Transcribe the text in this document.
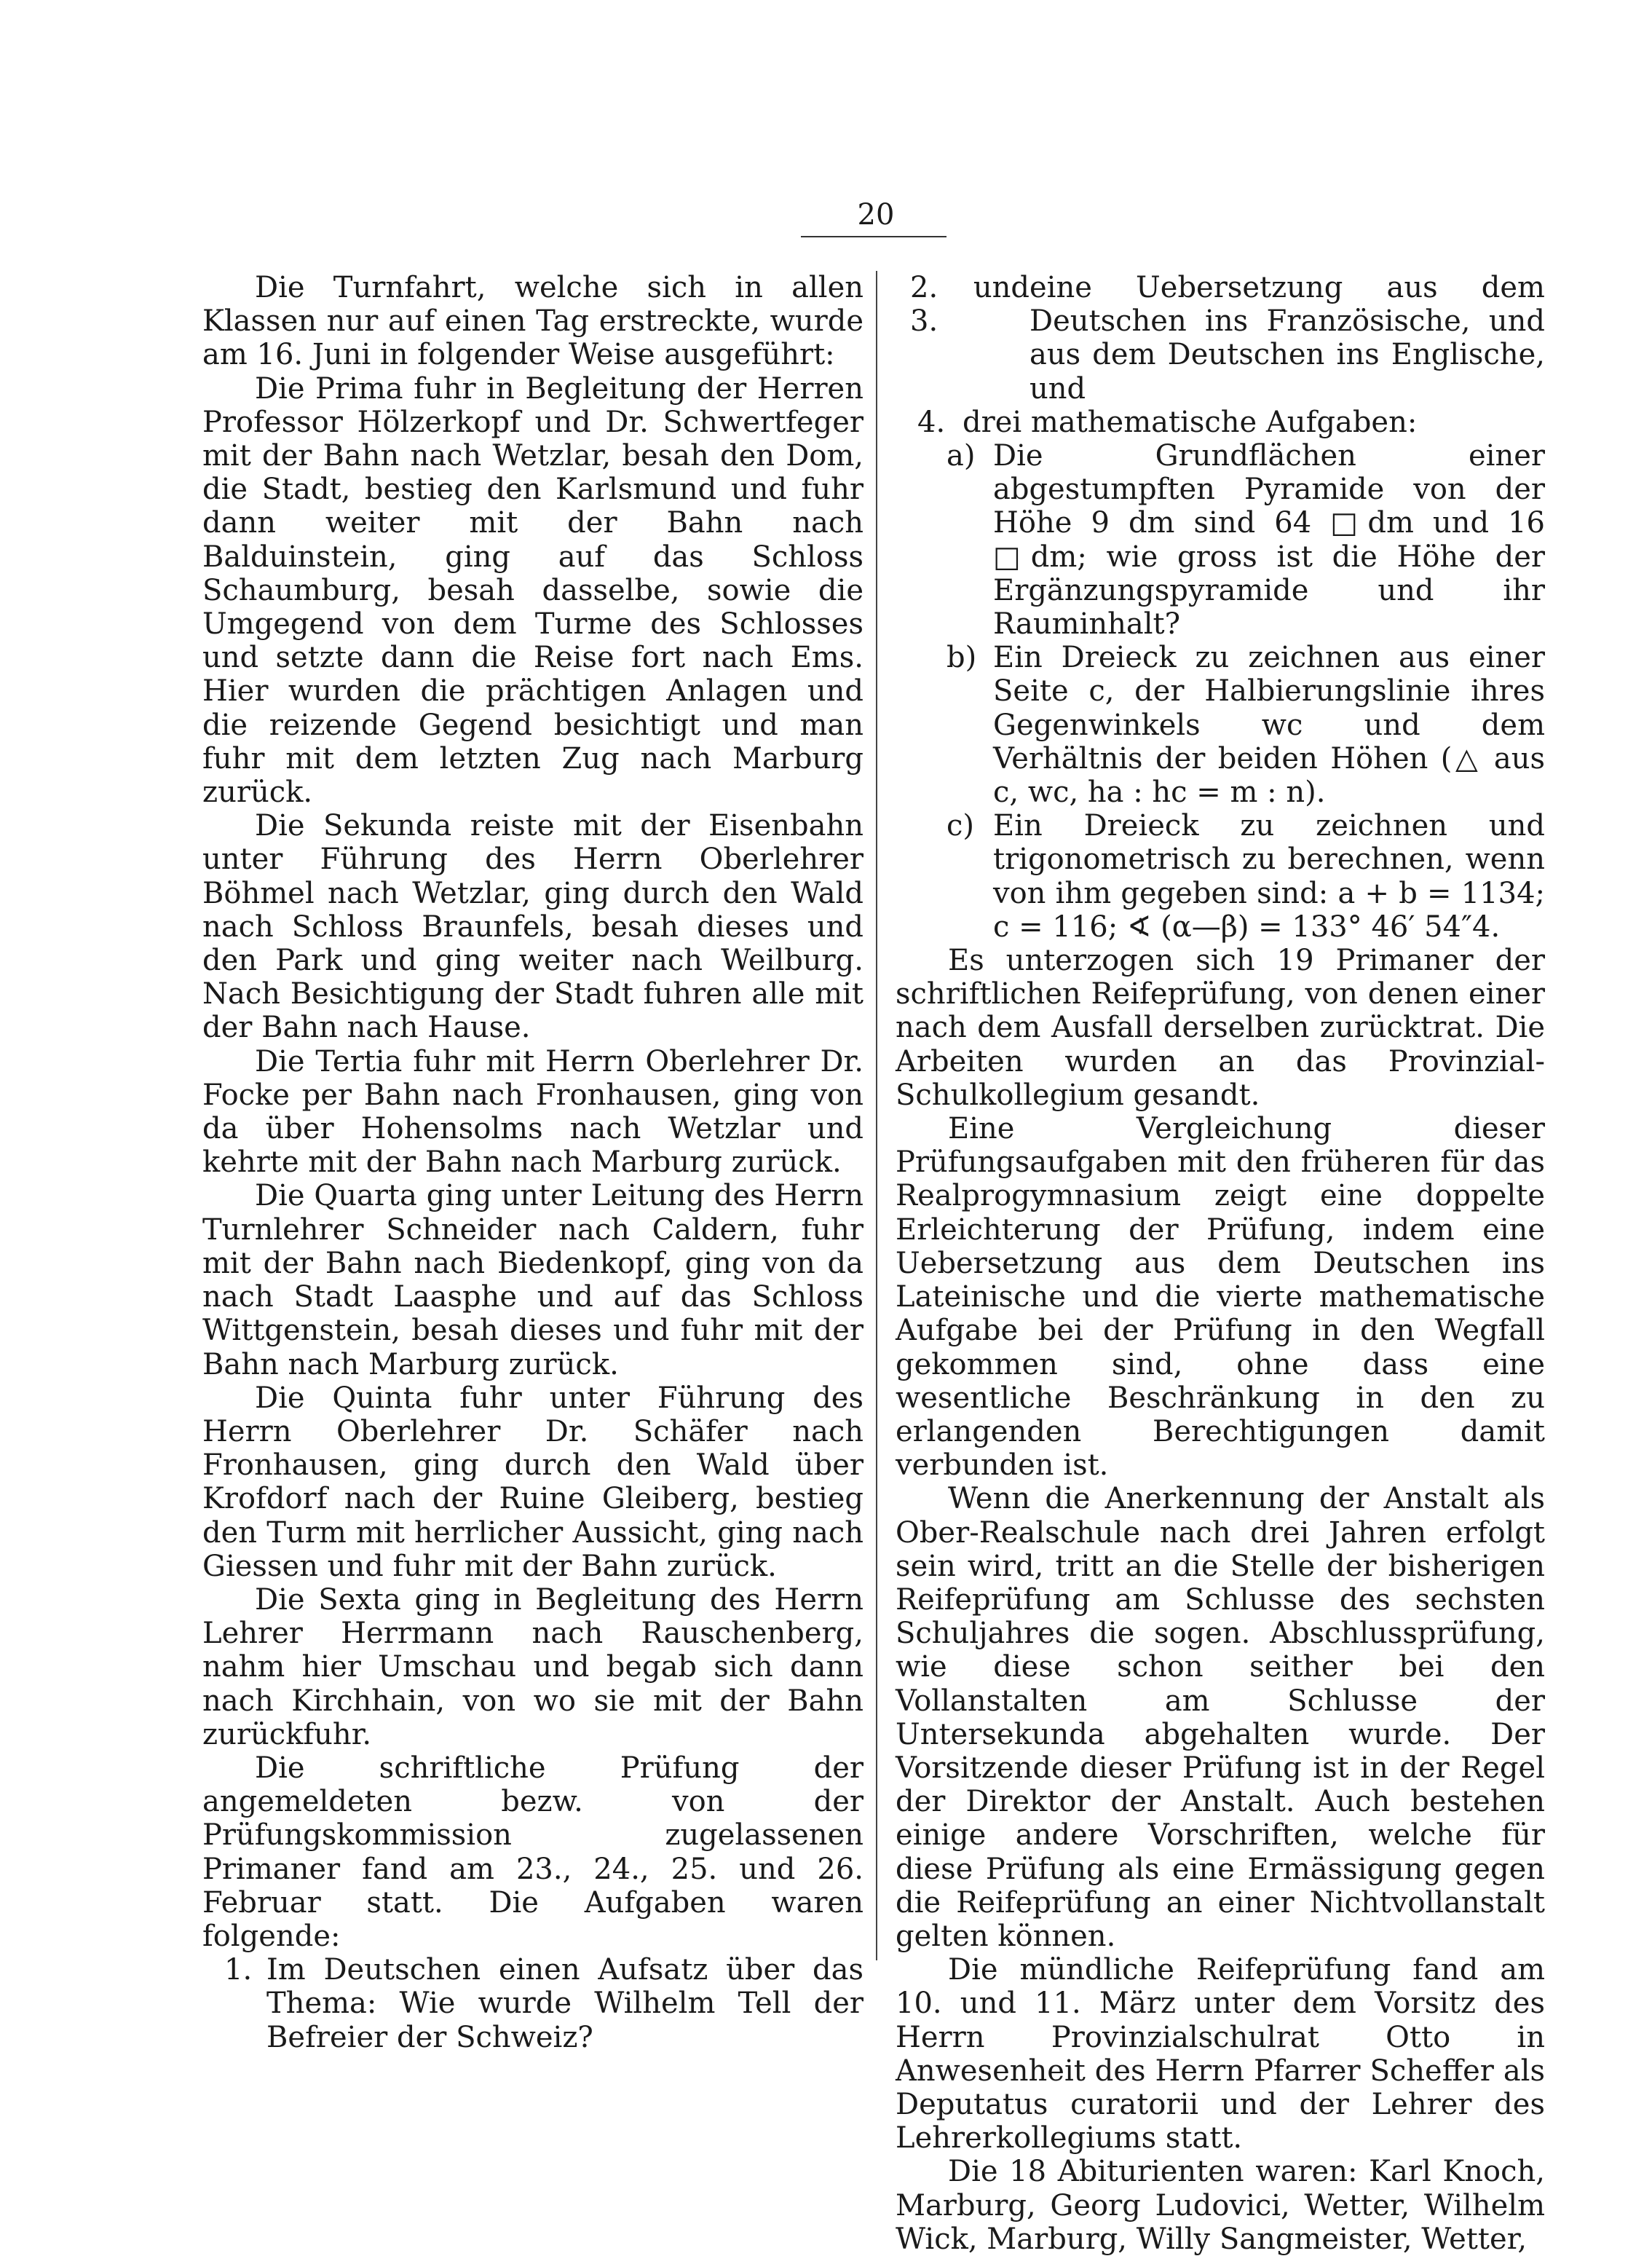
20

Die Turnfahrt, welche sich in allen Klassen nur auf einen Tag erstreckte, wurde am 16. Juni in folgender Weise ausgeführt:

Die Prima fuhr in Begleitung der Herren Professor Hölzerkopf und Dr. Schwertfeger mit der Bahn nach Wetzlar, besah den Dom, die Stadt, bestieg den Karlsmund und fuhr dann weiter mit der Bahn nach Balduinstein, ging auf das Schloss Schaumburg, besah dasselbe, sowie die Umgegend von dem Turme des Schlosses und setzte dann die Reise fort nach Ems. Hier wurden die prächtigen Anlagen und die reizende Gegend besichtigt und man fuhr mit dem letzten Zug nach Marburg zurück.

Die Sekunda reiste mit der Eisenbahn unter Führung des Herrn Oberlehrer Böhmel nach Wetzlar, ging durch den Wald nach Schloss Braunfels, besah dieses und den Park und ging weiter nach Weilburg. Nach Besichtigung der Stadt fuhren alle mit der Bahn nach Hause.

Die Tertia fuhr mit Herrn Oberlehrer Dr. Focke per Bahn nach Fronhausen, ging von da über Hohensolms nach Wetzlar und kehrte mit der Bahn nach Marburg zurück.

Die Quarta ging unter Leitung des Herrn Turnlehrer Schneider nach Caldern, fuhr mit der Bahn nach Biedenkopf, ging von da nach Stadt Laasphe und auf das Schloss Wittgenstein, besah dieses und fuhr mit der Bahn nach Marburg zurück.

Die Quinta fuhr unter Führung des Herrn Oberlehrer Dr. Schäfer nach Fronhausen, ging durch den Wald über Krofdorf nach der Ruine Gleiberg, bestieg den Turm mit herrlicher Aussicht, ging nach Giessen und fuhr mit der Bahn zurück.

Die Sexta ging in Begleitung des Herrn Lehrer Herrmann nach Rauschenberg, nahm hier Umschau und begab sich dann nach Kirchhain, von wo sie mit der Bahn zurückfuhr.

Die schriftliche Prüfung der angemeldeten bezw. von der Prüfungskommission zugelassenen Primaner fand am 23., 24., 25. und 26. Februar statt. Die Aufgaben waren folgende:

1. Im Deutschen einen Aufsatz über das Thema: Wie wurde Wilhelm Tell der Befreier der Schweiz?
2. und 3.
eine Uebersetzung aus dem Deutschen ins Französische, und aus dem Deutschen ins Englische, und
4. drei mathematische Aufgaben:
a) Die Grundflächen einer abgestumpften Pyramide von der Höhe 9 dm sind 64 □dm und 16 □dm; wie gross ist die Höhe der Ergänzungspyramide und ihr Rauminhalt?
b) Ein Dreieck zu zeichnen aus einer Seite c, der Halbierungslinie ihres Gegenwinkels wc und dem Verhältnis der beiden Höhen (△ aus c, wc, ha : hc = m : n).
c) Ein Dreieck zu zeichnen und trigonometrisch zu berechnen, wenn von ihm gegeben sind: a + b = 1134; c = 116; ∢ (α—β) = 133° 46′ 54″4.

Es unterzogen sich 19 Primaner der schriftlichen Reifeprüfung, von denen einer nach dem Ausfall derselben zurücktrat. Die Arbeiten wurden an das Provinzial-Schulkollegium gesandt.

Eine Vergleichung dieser Prüfungsaufgaben mit den früheren für das Realprogymnasium zeigt eine doppelte Erleichterung der Prüfung, indem eine Uebersetzung aus dem Deutschen ins Lateinische und die vierte mathematische Aufgabe bei der Prüfung in den Wegfall gekommen sind, ohne dass eine wesentliche Beschränkung in den zu erlangenden Berechtigungen damit verbunden ist.

Wenn die Anerkennung der Anstalt als Ober-Realschule nach drei Jahren erfolgt sein wird, tritt an die Stelle der bisherigen Reifeprüfung am Schlusse des sechsten Schuljahres die sogen. Abschlussprüfung, wie diese schon seither bei den Vollanstalten am Schlusse der Untersekunda abgehalten wurde. Der Vorsitzende dieser Prüfung ist in der Regel der Direktor der Anstalt. Auch bestehen einige andere Vorschriften, welche für diese Prüfung als eine Ermässigung gegen die Reifeprüfung an einer Nichtvollanstalt gelten können.

Die mündliche Reifeprüfung fand am 10. und 11. März unter dem Vorsitz des Herrn Provinzialschulrat Otto in Anwesenheit des Herrn Pfarrer Scheffer als Deputatus curatorii und der Lehrer des Lehrerkollegiums statt.

Die 18 Abiturienten waren: Karl Knoch, Marburg, Georg Ludovici, Wetter, Wilhelm Wick, Marburg, Willy Sangmeister, Wetter,
